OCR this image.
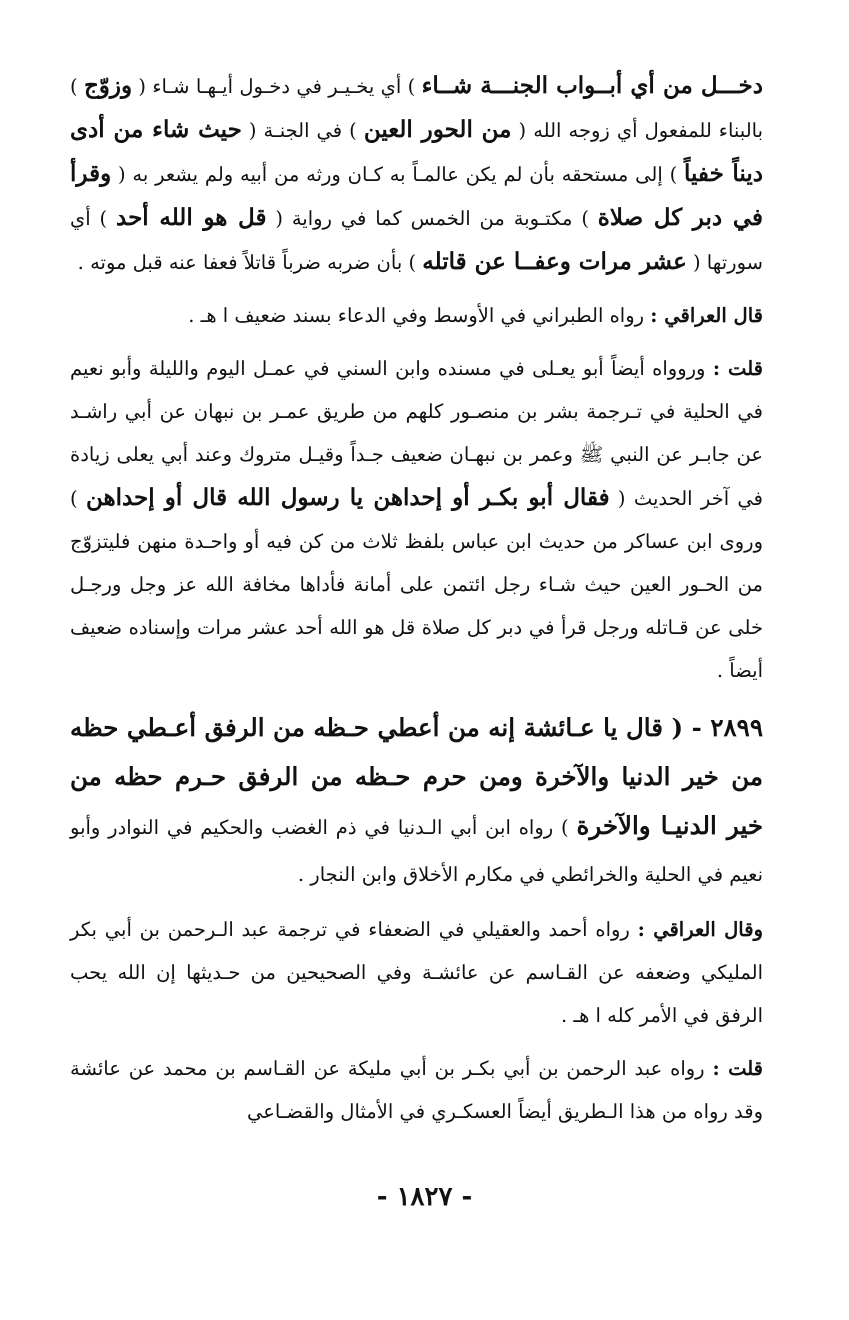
دخـــل من أي أبــواب الجنـــة شــاء ) أي يخـيـر في دخـول أيـهـا شـاء ( وزوّج ) بالبناء للمفعول أي زوجه الله ( من الحور العين ) في الجنـة ( حيث شاء من أدى ديناً خفياً ) إلى مستحقه بأن لم يكن عالمـاً به كـان ورثه من أبيه ولم يشعر به ( وقرأ في دبر كل صلاة ) مكتـوبة من الخمس كما في رواية ( قل هو الله أحد ) أي سورتها ( عشر مرات وعفــا عن قاتله ) بأن ضربه ضرباً قاتلاً فعفا عنه قبل موته .

قال العراقي : رواه الطبراني في الأوسط وفي الدعاء بسند ضعيف ا هـ .

قلت : وروواه أيضاً أبو يعـلى في مسنده وابن السني في عمـل اليوم والليلة وأبو نعيم في الحلية في تـرجمة بشر بن منصـور كلهم من طريق عمـر بن نبهان عن أبي راشـد عن جابـر عن النبي ﷺ وعمر بن نبهـان ضعيف جـداً وقيـل متروك وعند أبي يعلى زيادة في آخر الحديث ( فقال أبو بكـر أو إحداهن يا رسول الله قال أو إحداهن ) وروى ابن عساكر من حديث ابن عباس بلفظ ثلاث من كن فيه أو واحـدة منهن فليتزوّج من الحـور العين حيث شـاء رجل ائتمن على أمانة فأداها مخافة الله عز وجل ورجـل خلى عن قـاتله ورجل قرأ في دبر كل صلاة قل هو الله أحد عشر مرات وإسناده ضعيف أيضاً .

٢٨٩٩ - ( قال يا عـائشة إنه من أعطي حـظه من الرفق أعـطي حظه من خير الدنيا والآخرة ومن حرم حـظه من الرفق حـرم حظه من خير الدنيـا والآخرة ) رواه ابن أبي الـدنيا في ذم الغضب والحكيم في النوادر وأبو نعيم في الحلية والخرائطي في مكارم الأخلاق وابن النجار .

وقال العراقي : رواه أحمد والعقيلي في الضعفاء في ترجمة عبد الـرحمن بن أبي بكر المليكي وضعفه عن القـاسم عن عائشـة وفي الصحيحين من حـديثها إن الله يحب الرفق في الأمر كله ا هـ .

قلت : رواه عبد الرحمن بن أبي بكـر بن أبي مليكة عن القـاسم بن محمد عن عائشة وقد رواه من هذا الـطريق أيضاً العسكـري في الأمثال والقضـاعي

- ١٨٢٧ -
